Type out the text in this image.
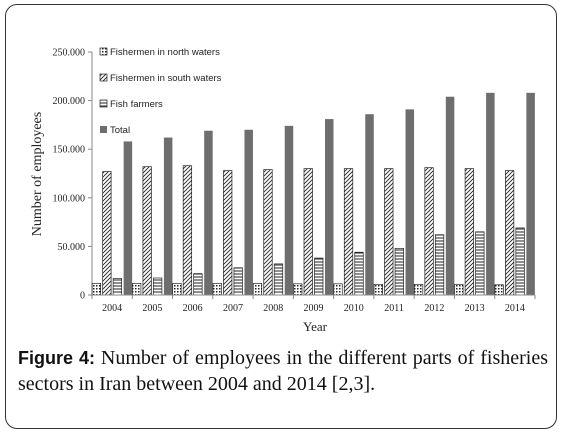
0
50.000
100.000
150.000
200.000
250.000
2004 2005 2006 2007 2008 2009 2010 2011 2012 2013 2014
Fishermen in north waters
Fishermen in south waters
Fish farmers
Total
Year
Number of employees
Figure 4: Number of employees in the different parts of fisheries sectors in Iran between 2004 and 2014 [2,3].
